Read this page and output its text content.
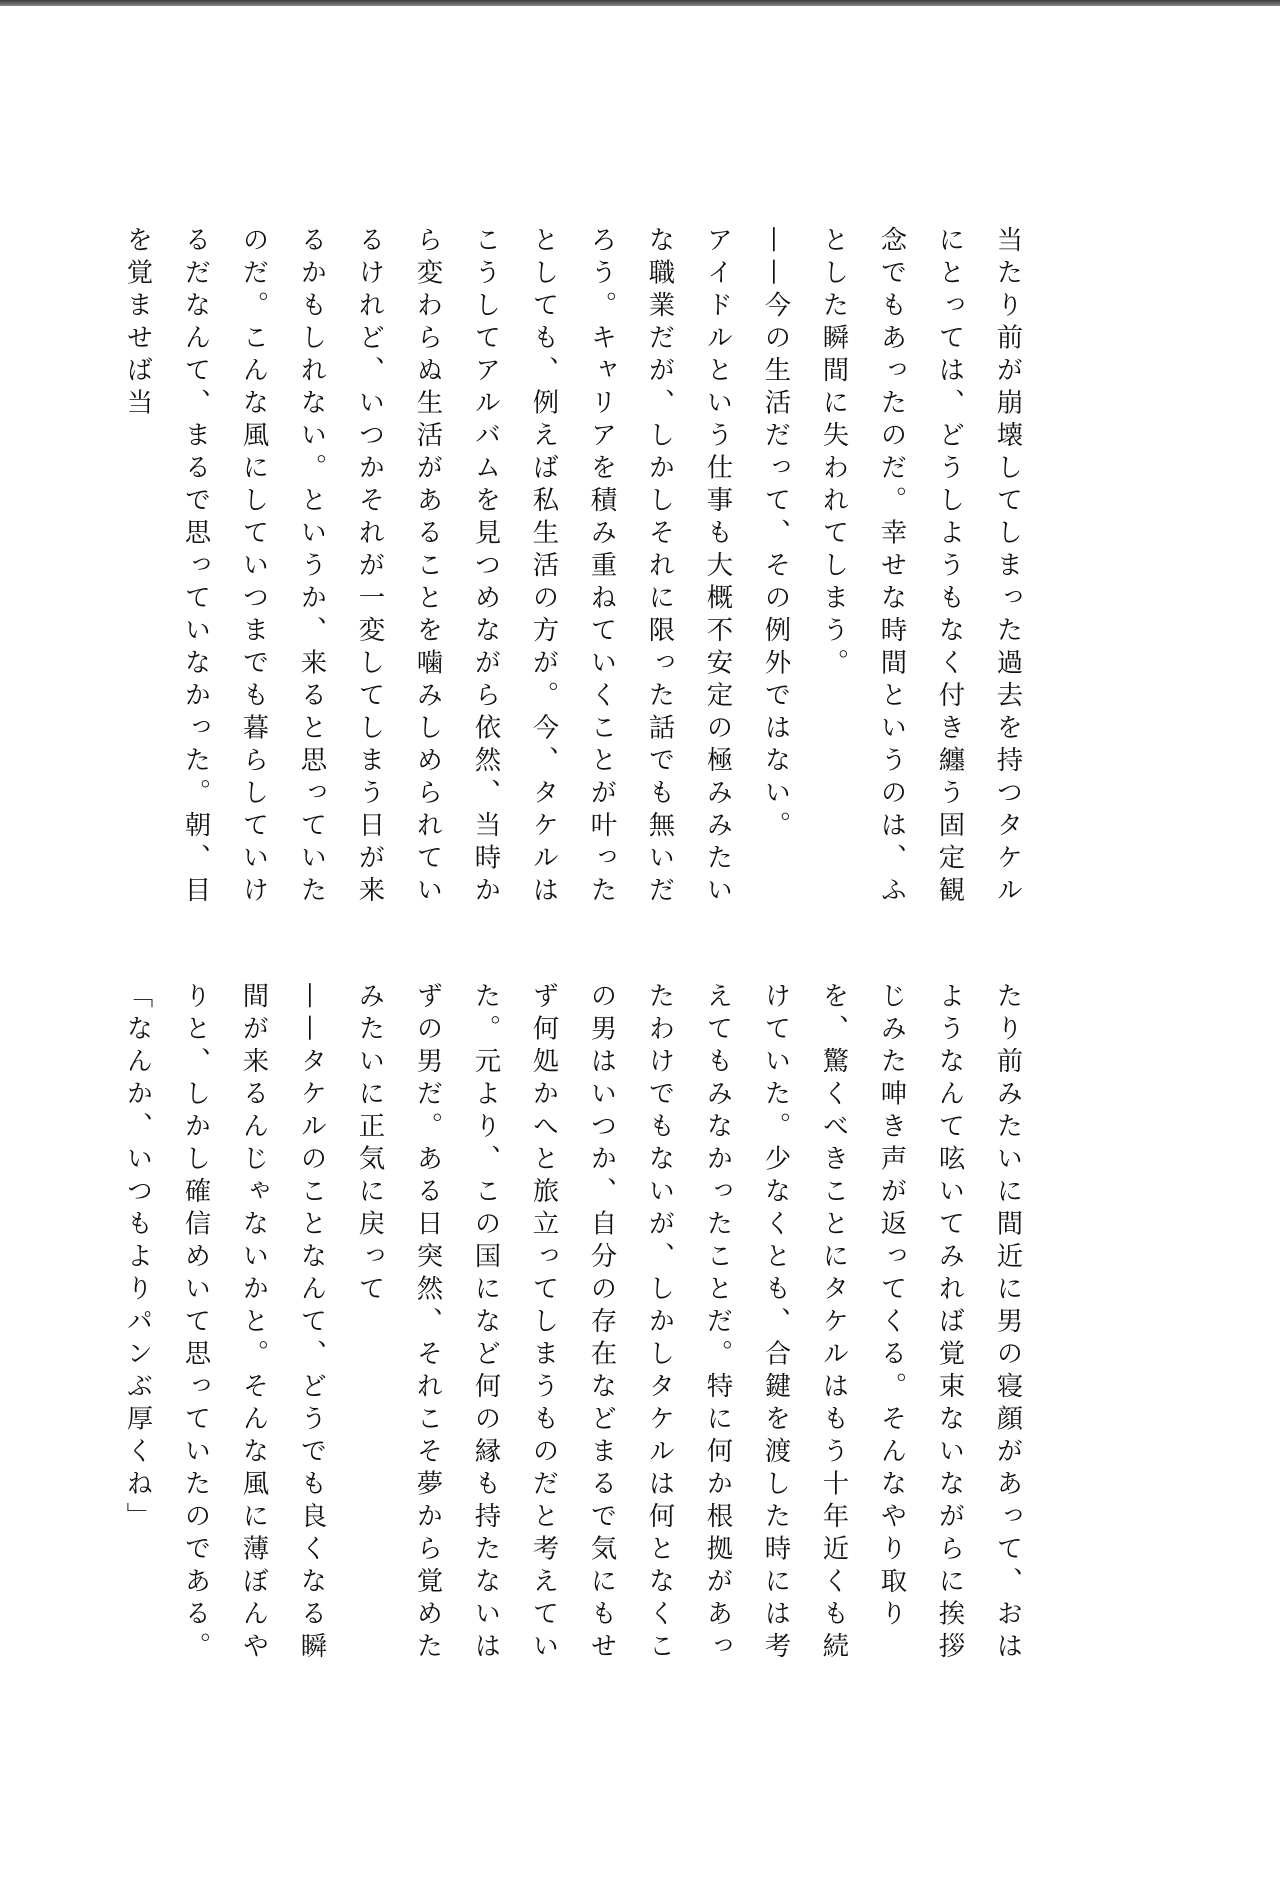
当たり前が崩壊してしまった過去を持つタケルにとっては、どうしようもなく付き纏う固定観念でもあったのだ。幸せな時間というのは、ふとした瞬間に失われてしまう。

——今の生活だって、その例外ではない。

アイドルという仕事も大概不安定の極みみたいな職業だが、しかしそれに限った話でも無いだろう。キャリアを積み重ねていくことが叶ったとしても、例えば私生活の方が。今、タケルはこうしてアルバムを見つめながら依然、当時から変わらぬ生活があることを噛みしめられているけれど、いつかそれが一変してしまう日が来るかもしれない。というか、来ると思っていたのだ。こんな風にしていつまでも暮らしていけるだなんて、まるで思っていなかった。朝、目を覚ませば当

たり前みたいに間近に男の寝顔があって、おはようなんて呟いてみれば覚束ないながらに挨拶じみた呻き声が返ってくる。そんなやり取りを、驚くべきことにタケルはもう十年近くも続けていた。少なくとも、合鍵を渡した時には考えてもみなかったことだ。特に何か根拠があったわけでもないが、しかしタケルは何となくこの男はいつか、自分の存在などまるで気にもせず何処かへと旅立ってしまうものだと考えていた。元より、この国になど何の縁も持たないはずの男だ。ある日突然、それこそ夢から覚めたみたいに正気に戻って

——タケルのことなんて、どうでも良くなる瞬間が来るんじゃないかと。そんな風に薄ぼんやりと、しかし確信めいて思っていたのである。

「なんか、いつもよりパンぶ厚くね」
